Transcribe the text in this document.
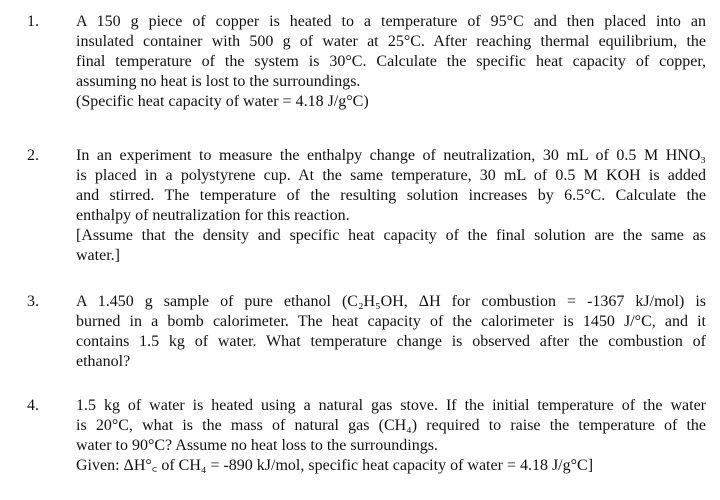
1. A 150 g piece of copper is heated to a temperature of 95°C and then placed into an
insulated container with 500 g of water at 25°C. After reaching thermal equilibrium, the
final temperature of the system is 30°C. Calculate the specific heat capacity of copper,
assuming no heat is lost to the surroundings.
(Specific heat capacity of water = 4.18 J/g°C)
2. In an experiment to measure the enthalpy change of neutralization, 30 mL of 0.5 M HNO₃
is placed in a polystyrene cup. At the same temperature, 30 mL of 0.5 M KOH is added
and stirred. The temperature of the resulting solution increases by 6.5°C. Calculate the
enthalpy of neutralization for this reaction.
[Assume that the density and specific heat capacity of the final solution are the same as
water.]
3. A 1.450 g sample of pure ethanol (C₂H₅OH, ΔH for combustion = -1367 kJ/mol) is
burned in a bomb calorimeter. The heat capacity of the calorimeter is 1450 J/°C, and it
contains 1.5 kg of water. What temperature change is observed after the combustion of
ethanol?
4. 1.5 kg of water is heated using a natural gas stove. If the initial temperature of the water
is 20°C, what is the mass of natural gas (CH₄) required to raise the temperature of the
water to 90°C? Assume no heat loss to the surroundings.
Given: ΔH°꜀ of CH₄ = -890 kJ/mol, specific heat capacity of water = 4.18 J/g°C]
